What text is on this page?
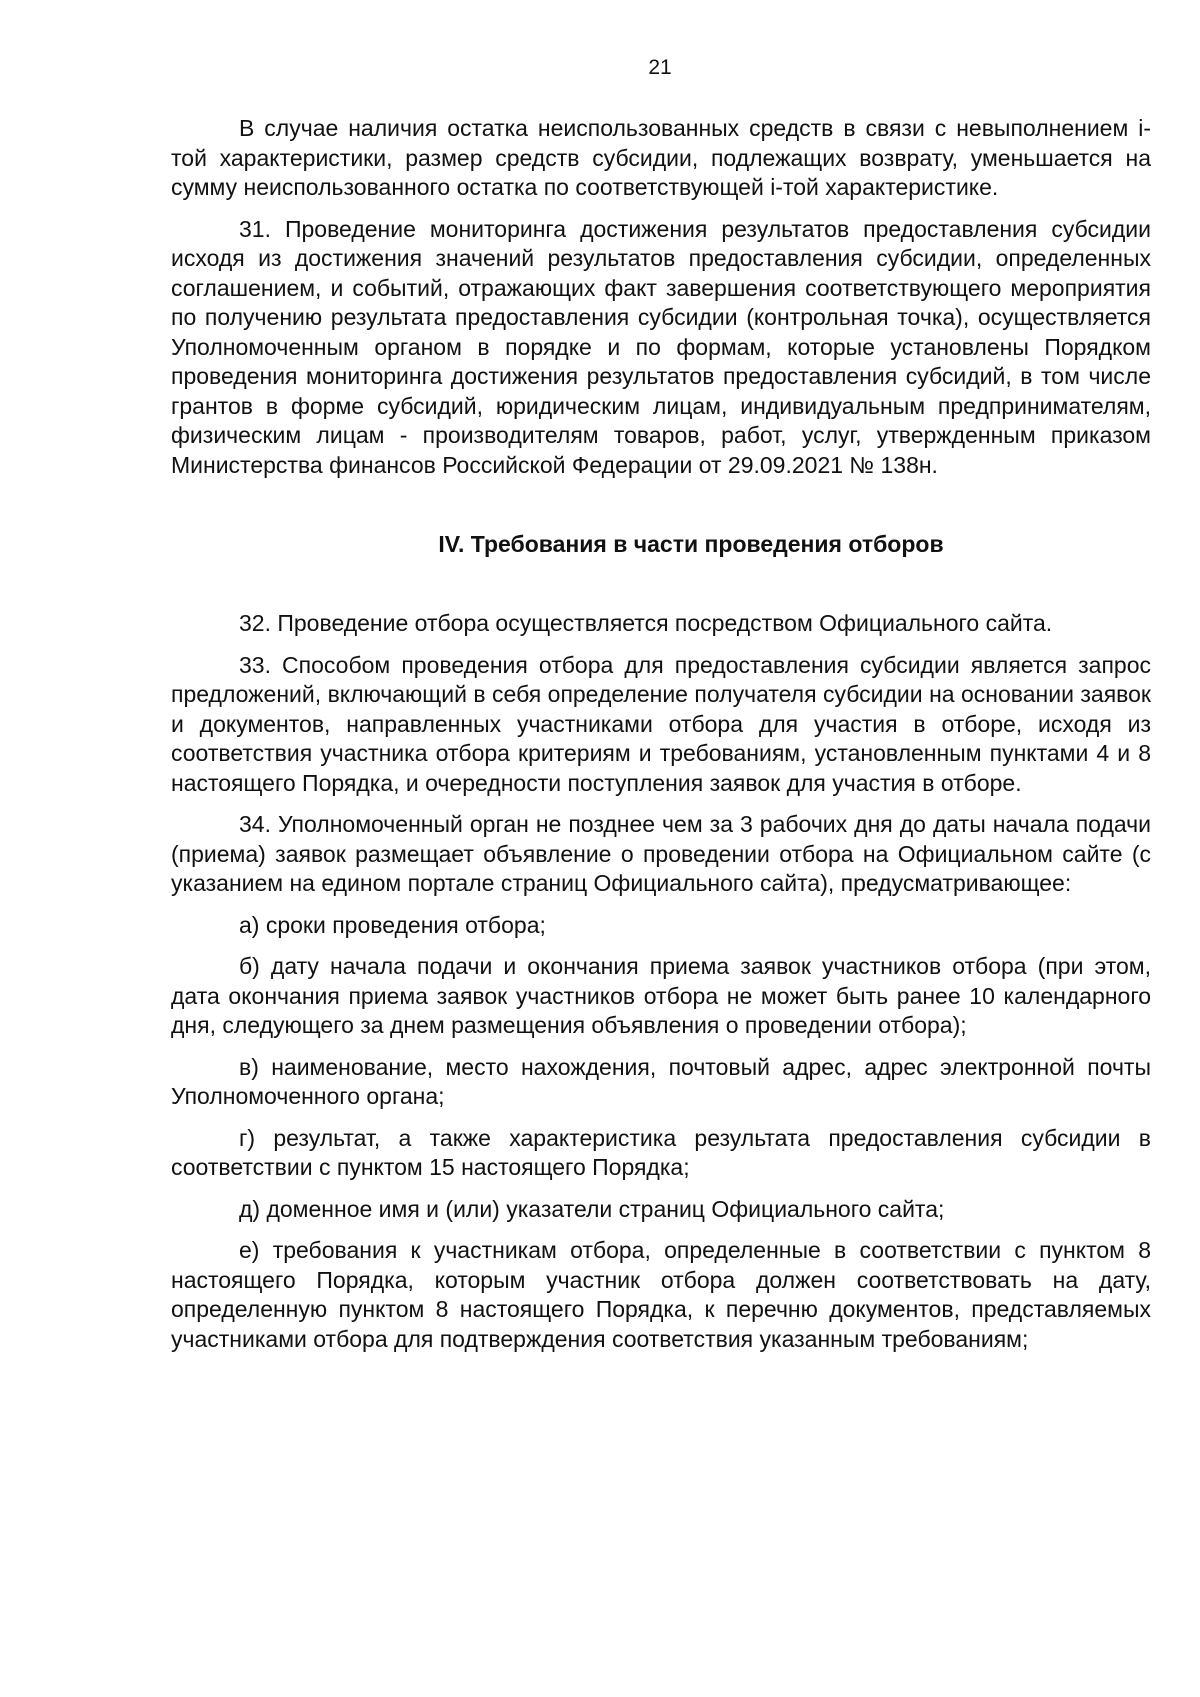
21

В случае наличия остатка неиспользованных средств в связи с невыполнением i-той характеристики, размер средств субсидии, подлежащих возврату, уменьшается на сумму неиспользованного остатка по соответствующей i-той характеристике.

31. Проведение мониторинга достижения результатов предоставления субсидии исходя из достижения значений результатов предоставления субсидии, определенных соглашением, и событий, отражающих факт завершения соответствующего мероприятия по получению результата предоставления субсидии (контрольная точка), осуществляется Уполномоченным органом в порядке и по формам, которые установлены Порядком проведения мониторинга достижения результатов предоставления субсидий, в том числе грантов в форме субсидий, юридическим лицам, индивидуальным предпринимателям, физическим лицам - производителям товаров, работ, услуг, утвержденным приказом Министерства финансов Российской Федерации от 29.09.2021 № 138н.

IV. Требования в части проведения отборов

32. Проведение отбора осуществляется посредством Официального сайта.

33. Способом проведения отбора для предоставления субсидии является запрос предложений, включающий в себя определение получателя субсидии на основании заявок и документов, направленных участниками отбора для участия в отборе, исходя из соответствия участника отбора критериям и требованиям, установленным пунктами 4 и 8 настоящего Порядка, и очередности поступления заявок для участия в отборе.

34. Уполномоченный орган не позднее чем за 3 рабочих дня до даты начала подачи (приема) заявок размещает объявление о проведении отбора на Официальном сайте (с указанием на едином портале страниц Официального сайта), предусматривающее:

а) сроки проведения отбора;

б) дату начала подачи и окончания приема заявок участников отбора (при этом, дата окончания приема заявок участников отбора не может быть ранее 10 календарного дня, следующего за днем размещения объявления о проведении отбора);

в) наименование, место нахождения, почтовый адрес, адрес электронной почты Уполномоченного органа;

г) результат, а также характеристика результата предоставления субсидии в соответствии с пунктом 15 настоящего Порядка;

д) доменное имя и (или) указатели страниц Официального сайта;

е) требования к участникам отбора, определенные в соответствии с пунктом 8 настоящего Порядка, которым участник отбора должен соответствовать на дату, определенную пунктом 8 настоящего Порядка, к перечню документов, представляемых участниками отбора для подтверждения соответствия указанным требованиям;
